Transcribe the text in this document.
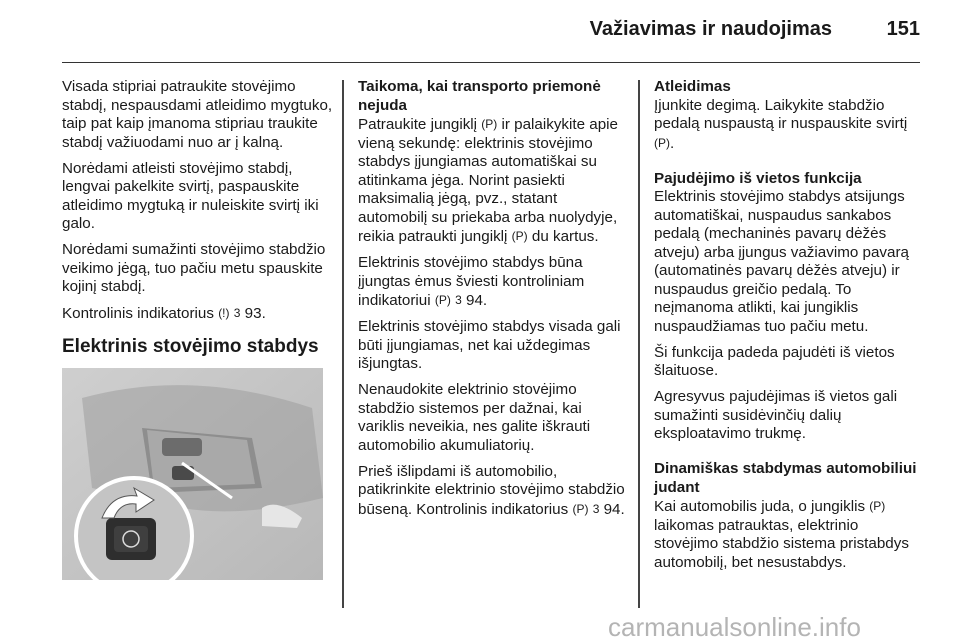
Važiavimas ir naudojimas	151

Visada stipriai patraukite stovėjimo stabdį, nespausdami atleidimo mygtuko, taip pat kaip įmanoma stipriau traukite stabdį važiuodami nuo ar į kalną.

Norėdami atleisti stovėjimo stabdį, lengvai pakelkite svirtį, paspauskite atleidimo mygtuką ir nuleiskite svirtį iki galo.

Norėdami sumažinti stovėjimo stabdžio veikimo jėgą, tuo pačiu metu spauskite kojinį stabdį.

Kontrolinis indikatorius (!) 3 93.

Elektrinis stovėjimo stabdys
Taikoma, kai transporto priemonė nejuda

Patraukite jungiklį (P) ir palaikykite apie vieną sekundę: elektrinis stovėjimo stabdys įjungiamas automatiškai su atitinkama jėga. Norint pasiekti maksimalią jėgą, pvz., statant automobilį su priekaba arba nuolydyje, reikia patraukti jungiklį (P) du kartus.

Elektrinis stovėjimo stabdys būna įjungtas ėmus šviesti kontroliniam indikatoriui (P) 3 94.

Elektrinis stovėjimo stabdys visada gali būti įjungiamas, net kai uždegimas išjungtas.

Nenaudokite elektrinio stovėjimo stabdžio sistemos per dažnai, kai variklis neveikia, nes galite iškrauti automobilio akumuliatorių.

Prieš išlipdami iš automobilio, patikrinkite elektrinio stovėjimo stabdžio būseną. Kontrolinis indikatorius (P) 3 94.

Atleidimas

Įjunkite degimą. Laikykite stabdžio pedalą nuspaustą ir nuspauskite svirtį (P).

Pajudėjimo iš vietos funkcija

Elektrinis stovėjimo stabdys atsijungs automatiškai, nuspaudus sankabos pedalą (mechaninės pavarų dėžės atveju) arba įjungus važiavimo pavarą (automatinės pavarų dėžės atveju) ir nuspaudus greičio pedalą. To neįmanoma atlikti, kai jungiklis nuspaudžiamas tuo pačiu metu.

Ši funkcija padeda pajudėti iš vietos šlaituose.

Agresyvus pajudėjimas iš vietos gali sumažinti susidėvinčių dalių eksploatavimo trukmę.

Dinamiškas stabdymas automobiliui judant

Kai automobilis juda, o jungiklis (P) laikomas patrauktas, elektrinio stovėjimo stabdžio sistema pristabdys automobilį, bet nesustabdys.

carmanualsonline.info
